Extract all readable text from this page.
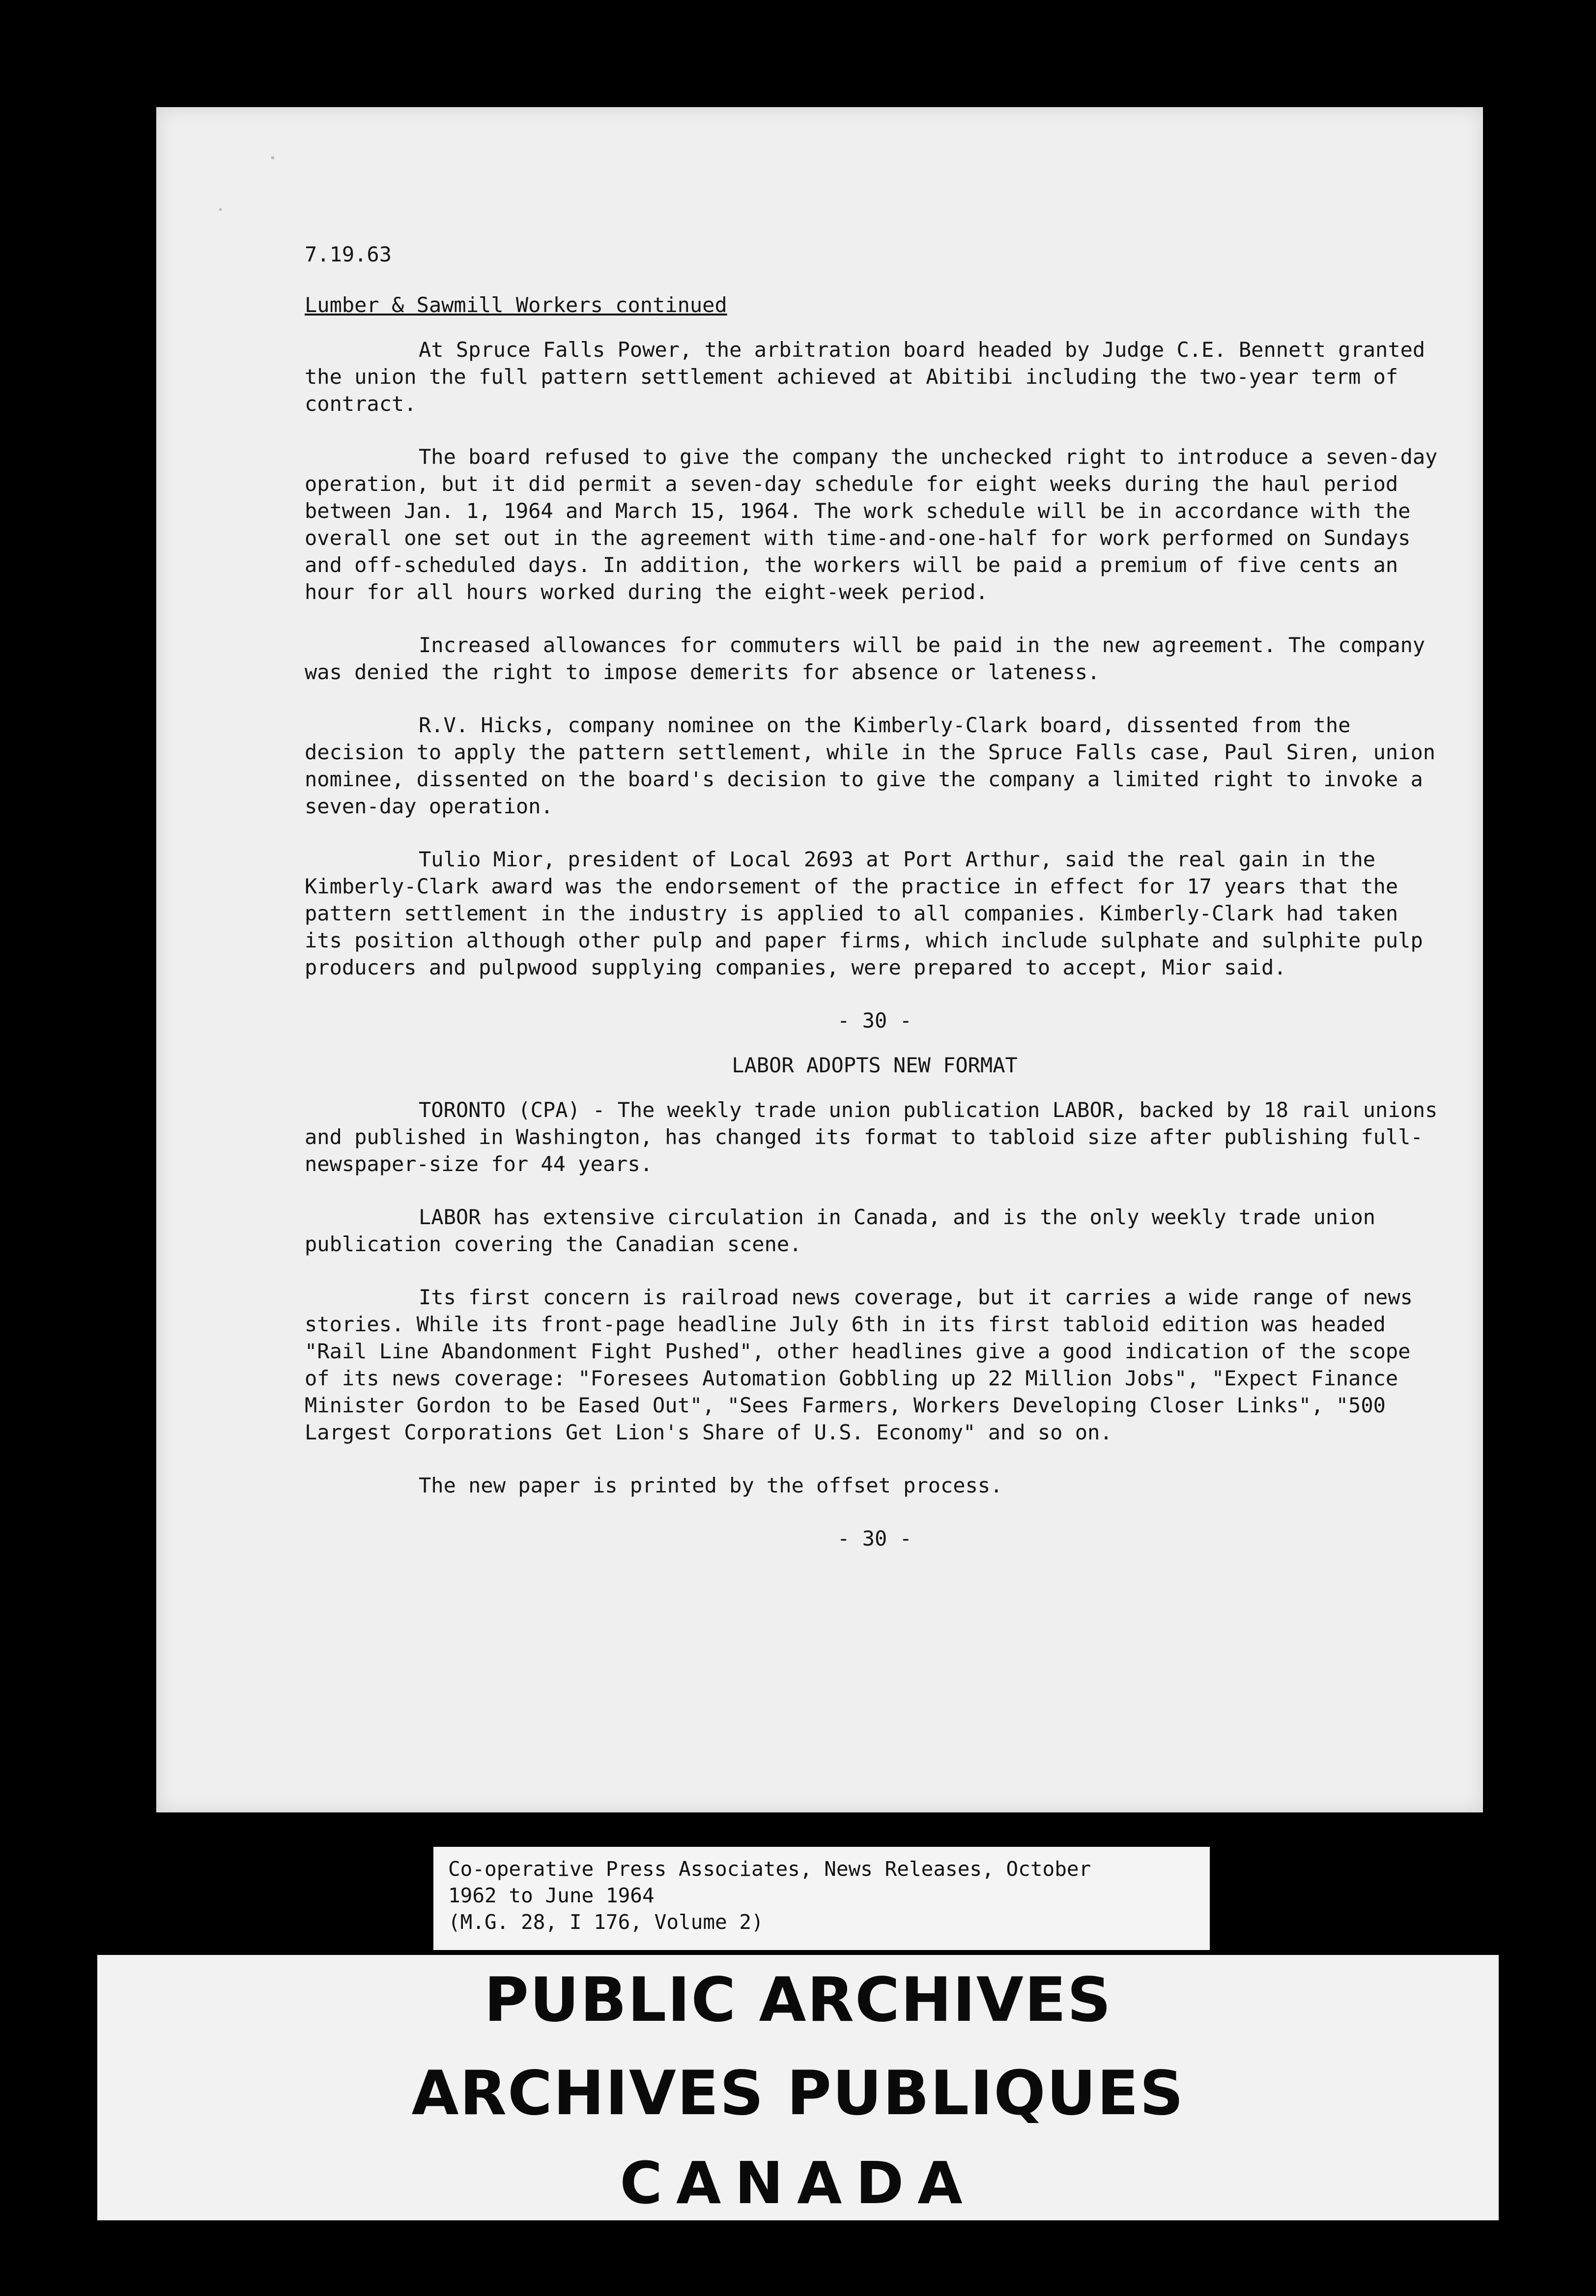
7.19.63

Lumber & Sawmill Workers continued

At Spruce Falls Power, the arbitration board headed by Judge C.E. Bennett granted the union the full pattern settlement achieved at Abitibi including the two-year term of contract.

The board refused to give the company the unchecked right to introduce a seven-day operation, but it did permit a seven-day schedule for eight weeks during the haul period between Jan. 1, 1964 and March 15, 1964. The work schedule will be in accordance with the overall one set out in the agreement with time-and-one-half for work performed on Sundays and off-scheduled days. In addition, the workers will be paid a premium of five cents an hour for all hours worked during the eight-week period.

Increased allowances for commuters will be paid in the new agreement. The company was denied the right to impose demerits for absence or lateness.

R.V. Hicks, company nominee on the Kimberly-Clark board, dissented from the decision to apply the pattern settlement, while in the Spruce Falls case, Paul Siren, union nominee, dissented on the board's decision to give the company a limited right to invoke a seven-day operation.

Tulio Mior, president of Local 2693 at Port Arthur, said the real gain in the Kimberly-Clark award was the endorsement of the practice in effect for 17 years that the pattern settlement in the industry is applied to all companies. Kimberly-Clark had taken its position although other pulp and paper firms, which include sulphate and sulphite pulp producers and pulpwood supplying companies, were prepared to accept, Mior said.

- 30 -

LABOR ADOPTS NEW FORMAT

TORONTO (CPA) - The weekly trade union publication LABOR, backed by 18 rail unions and published in Washington, has changed its format to tabloid size after publishing full-newspaper-size for 44 years.

LABOR has extensive circulation in Canada, and is the only weekly trade union publication covering the Canadian scene.

Its first concern is railroad news coverage, but it carries a wide range of news stories. While its front-page headline July 6th in its first tabloid edition was headed "Rail Line Abandonment Fight Pushed", other headlines give a good indication of the scope of its news coverage: "Foresees Automation Gobbling up 22 Million Jobs", "Expect Finance Minister Gordon to be Eased Out", "Sees Farmers, Workers Developing Closer Links", "500 Largest Corporations Get Lion's Share of U.S. Economy" and so on.

The new paper is printed by the offset process.

- 30 -

Co-operative Press Associates, News Releases, October
1962 to June 1964
(M.G. 28, I 176, Volume 2)
PUBLIC ARCHIVES
ARCHIVES PUBLIQUES
CANADA
